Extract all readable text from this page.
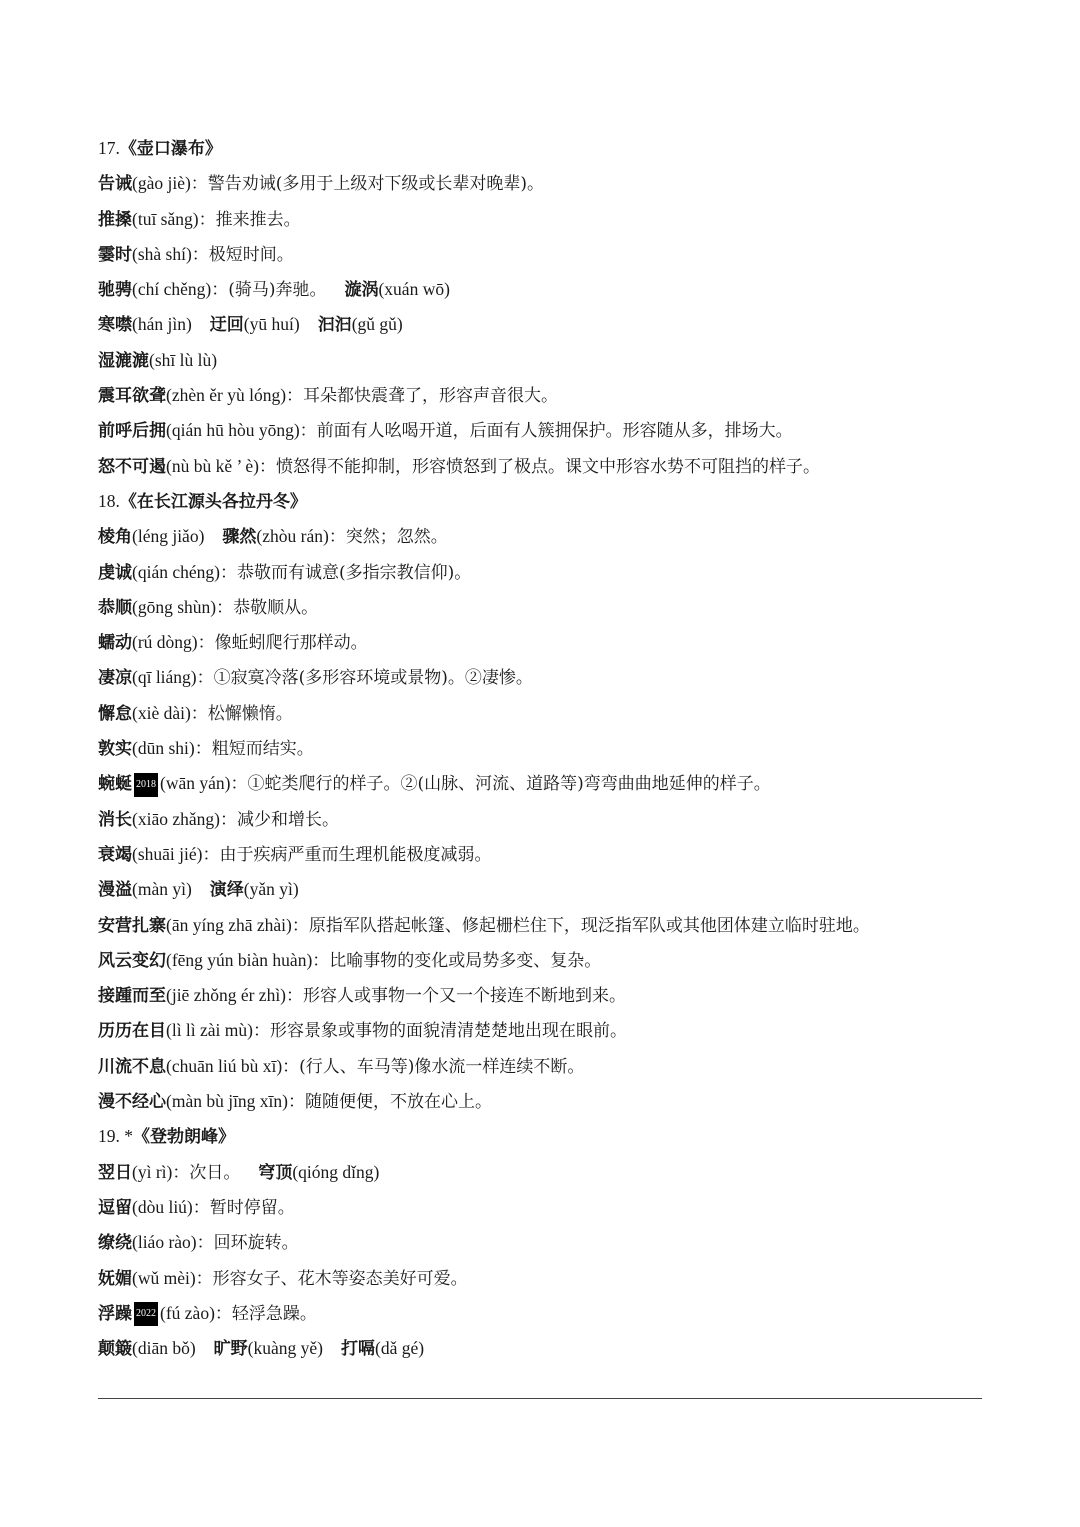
17.《壶口瀑布》
告诫(gào jiè)：警告劝诫(多用于上级对下级或长辈对晚辈)。
推搡(tuī sǎng)：推来推去。
霎时(shà shí)：极短时间。
驰骋(chí chěng)：(骑马)奔驰。 漩涡(xuán wō)
寒噤(hán jìn) 迂回(yū huí) 汩汩(gǔ gǔ)
湿漉漉(shī lù lù)
震耳欲聋(zhèn ěr yù lóng)：耳朵都快震聋了，形容声音很大。
前呼后拥(qián hū hòu yōng)：前面有人吆喝开道，后面有人簇拥保护。形容随从多，排场大。
怒不可遏(nù bù kě ’ è)：愤怒得不能抑制，形容愤怒到了极点。课文中形容水势不可阻挡的样子。
18.《在长江源头各拉丹冬》
棱角(léng jiǎo) 骤然(zhòu rán)：突然；忽然。
虔诚(qián chéng)：恭敬而有诚意(多指宗教信仰)。
恭顺(gōng shùn)：恭敬顺从。
蠕动(rú dòng)：像蚯蚓爬行那样动。
凄凉(qī liáng)：①寂寞冷落(多形容环境或景物)。②凄惨。
懈怠(xiè dài)：松懈懒惰。
敦实(dūn shi)：粗短而结实。
蜿蜒 2018 (wān yán)：①蛇类爬行的样子。②(山脉、河流、道路等)弯弯曲曲地延伸的样子。
消长(xiāo zhǎng)：减少和增长。
衰竭(shuāi jié)：由于疾病严重而生理机能极度减弱。
漫溢(màn yì) 演绎(yǎn yì)
安营扎寨(ān yíng zhā zhài)：原指军队搭起帐篷、修起栅栏住下，现泛指军队或其他团体建立临时驻地。
风云变幻(fēng yún biàn huàn)：比喻事物的变化或局势多变、复杂。
接踵而至(jiē zhǒng ér zhì)：形容人或事物一个又一个接连不断地到来。
历历在目(lì lì zài mù)：形容景象或事物的面貌清清楚楚地出现在眼前。
川流不息(chuān liú bù xī)：(行人、车马等)像水流一样连续不断。
漫不经心(màn bù jīng xīn)：随随便便，不放在心上。
19. *《登勃朗峰》
翌日(yì rì)：次日。 穹顶(qióng dǐng)
逗留(dòu liú)：暂时停留。
缭绕(liáo rào)：回环旋转。
妩媚(wǔ mèi)：形容女子、花木等姿态美好可爱。
浮躁 2022 (fú zào)：轻浮急躁。
颠簸(diān bǒ) 旷野(kuàng yě) 打嗝(dǎ gé)
